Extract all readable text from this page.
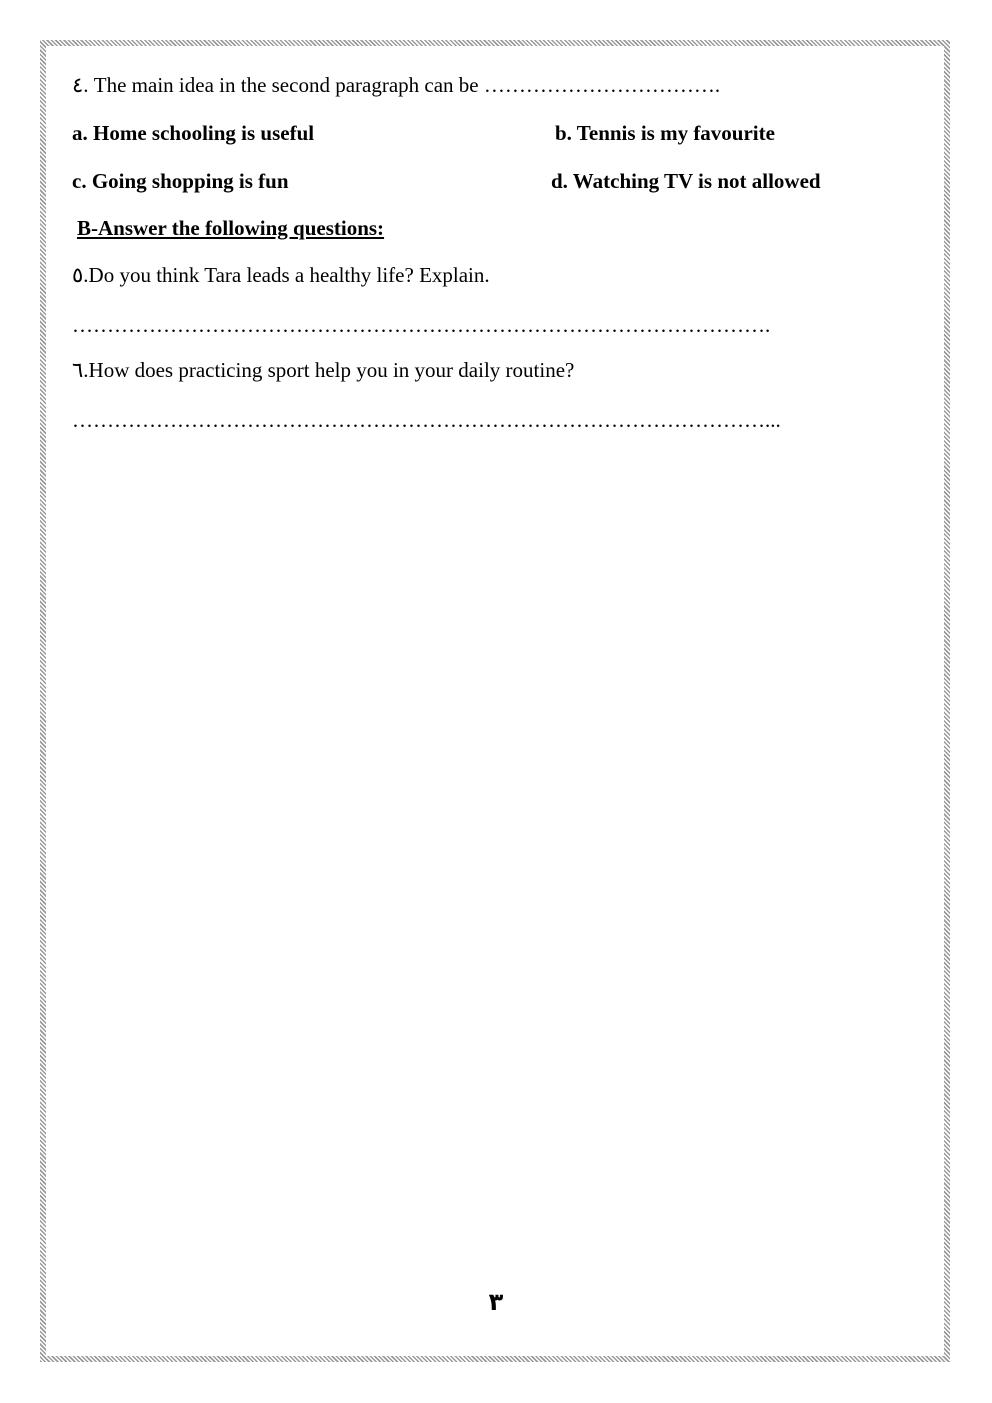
٤. The main idea in the second paragraph can be …………………………….
a. Home schooling is useful	b. Tennis is my favourite
c. Going shopping is fun	d. Watching TV is not allowed
B-Answer the following questions:
٥.Do you think Tara leads a healthy life? Explain.
……………………………………………………………………………………….
٦.How does practicing sport help you in your daily routine?
………………………………………………………………………………………...
٣
